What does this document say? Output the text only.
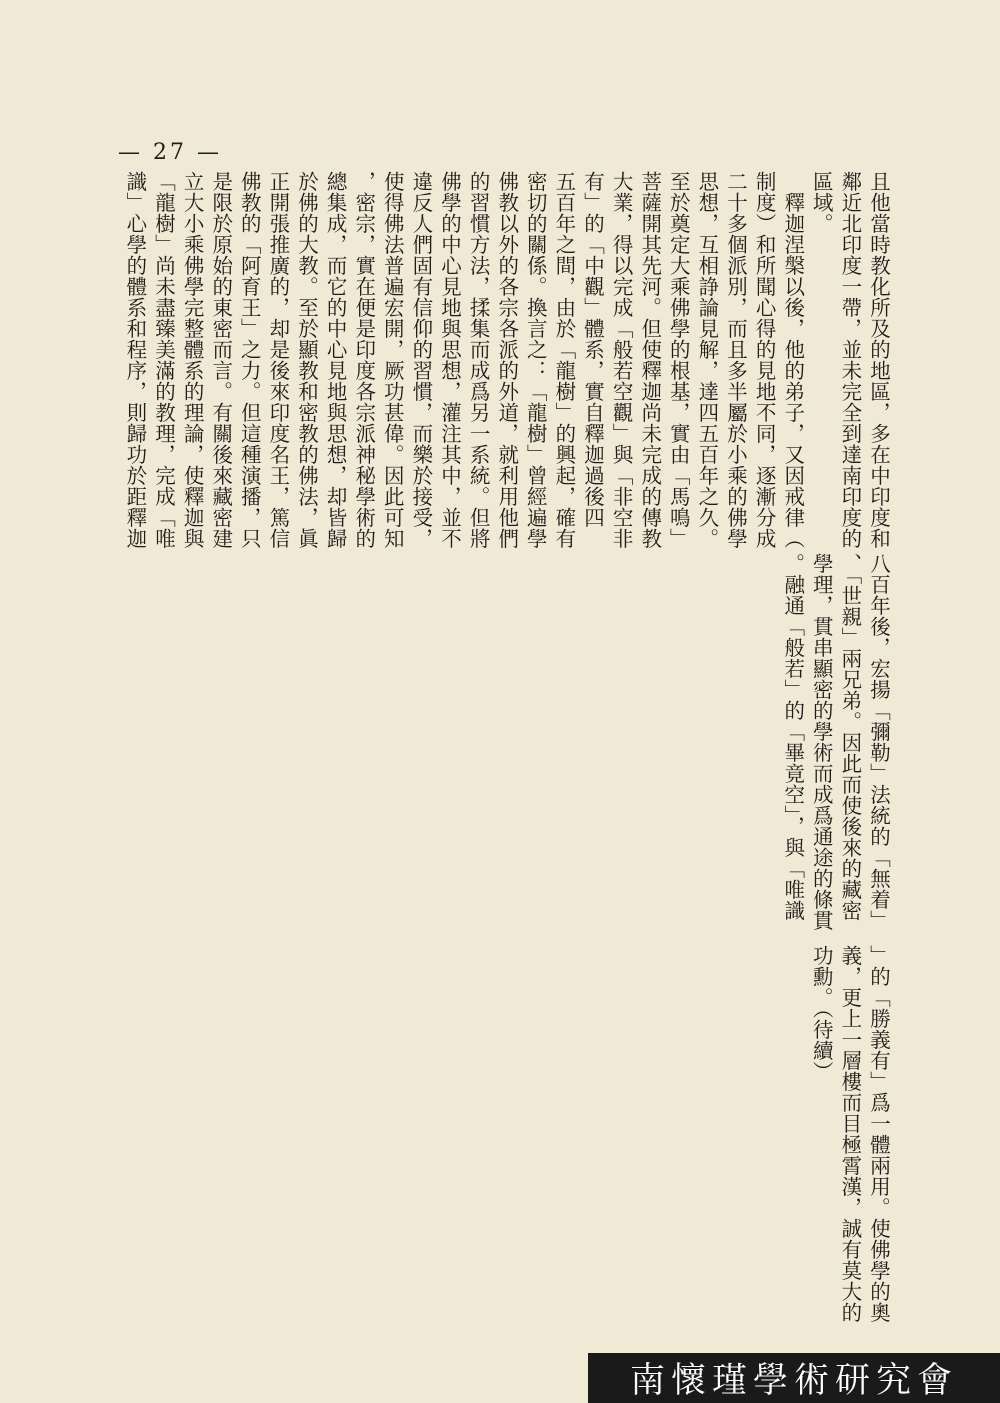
— 27 —
且他當時教化所及的地區，多在中印度和
鄰近北印度一帶，並未完全到達南印度的
區域。
　釋迦涅槃以後，他的弟子，又因戒律（
制度）和所聞心得的見地不同，逐漸分成
二十多個派別，而且多半屬於小乘的佛學
思想，互相諍論見解，達四五百年之久。
至於奠定大乘佛學的根基，實由「馬鳴」
菩薩開其先河。但使釋迦尚未完成的傳教
大業，得以完成「般若空觀」與「非空非
有」的「中觀」體系，實自釋迦過後四
五百年之間，由於「龍樹」的興起，確有
密切的關係。換言之：「龍樹」曾經遍學
佛教以外的各宗各派的外道，就利用他們
的習慣方法，揉集而成爲另一系統。但將
佛學的中心見地與思想，灌注其中，並不
違反人們固有信仰的習慣，而樂於接受，
使得佛法普遍宏開，厥功甚偉。因此可知
，密宗，實在便是印度各宗派神秘學術的
總集成，而它的中心見地與思想，却皆歸
於佛的大教。至於顯教和密教的佛法，眞
正開張推廣的，却是後來印度名王，篤信
佛教的「阿育王」之力。但這種演播，只
是限於原始的東密而言。有關後來藏密建
立大小乘佛學完整體系的理論，使釋迦與
「龍樹」尚未盡臻美滿的教理，完成「唯
識」心學的體系和程序，則歸功於距釋迦
八百年後，宏揚「彌勒」法統的「無着」
、「世親」兩兄弟。因此而使後來的藏密
學理，貫串顯密的學術而成爲通途的條貫
。融通「般若」的「畢竟空」，與「唯識
」的「勝義有」爲一體兩用。使佛學的奧
義，更上一層樓而目極霄漢，誠有莫大的
功勳。（待續）
南懷瑾學術研究會
